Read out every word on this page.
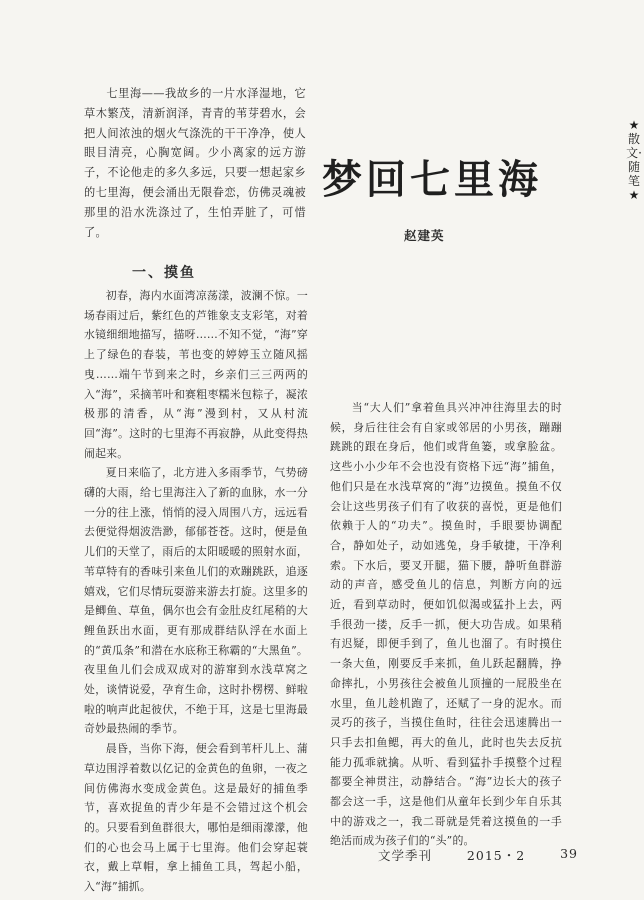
七里海——我故乡的一片水泽湿地，它草木繁茂，清新润泽，青青的苇芽碧水，会把人间浓浊的烟火气涤洗的干干净净，使人眼目清亮，心胸宽阔。少小离家的远方游子，不论他走的多久多远，只要一想起家乡的七里海，便会涌出无限眷恋，仿佛灵魂被那里的沿水洗涤过了，生怕弄脏了，可惜了。

★散文·随笔★
梦回七里海

赵建英

一、摸鱼

初春，海内水面湾凉荡漾，波澜不惊。一场春雨过后，紫红色的芦锥象支支彩笔，对着水镜细细地描写，描呀……不知不觉，“海”穿上了绿色的春装，苇也变的婷婷玉立随风摇曳……端午节到来之时，乡亲们三三两两的入“海”，采摘苇叶和赛粗枣糯米包粽子，凝浓极那的清香，从“海”漫到村，又从村流回“海”。这时的七里海不再寂静，从此变得热闹起来。

夏日来临了，北方进入多雨季节，气势磅礴的大雨，给七里海注入了新的血脉，水一分一分的往上涨，悄悄的浸入周围八方，远远看去便觉得烟波浩渺，郁郁苍苍。这时，便是鱼儿们的天堂了，雨后的太阳暖暖的照射水面，苇草特有的香味引来鱼儿们的欢蹦跳跃，追逐嬉戏，它们尽情玩耍游来游去打旋。这里多的是鲫鱼、草鱼，偶尔也会有金肚皮红尾稍的大鲤鱼跃出水面，更有那成群结队浮在水面上的“黄瓜条”和潜在水底称王称霸的“大黑鱼”。夜里鱼儿们会成双成对的游窜到水浅草窝之处，谈情说爱，孕育生命，这时扑楞楞、鲜啦啦的响声此起彼伏，不绝于耳，这是七里海最奇妙最热闹的季节。

晨昏，当你下海，便会看到苇杆儿上、蒲草边围浮着数以亿记的金黄色的鱼卵，一夜之间仿佛海水变成金黄色。这是最好的捕鱼季节，喜欢捉鱼的青少年是不会错过这个机会的。只要看到鱼群很大，哪怕是细雨濛濛，他们的心也会马上属于七里海。他们会穿起蓑衣，戴上草帽，拿上捕鱼工具，驾起小船，入“海”捕抓。

当“大人们”拿着鱼具兴冲冲往海里去的时候，身后往往会有自家或邻居的小男孩，蹦蹦跳跳的跟在身后，他们或背鱼篓，或拿脸盆。这些小小少年不会也没有资格下远“海”捕鱼，他们只是在水浅草窝的“海”边摸鱼。摸鱼不仅会让这些男孩子们有了收获的喜悦，更是他们依赖于人的“功夫”。摸鱼时，手眼要协调配合，静如处子，动如逃兔，身手敏捷，干净利索。下水后，要叉开腿，猫下腰，静听鱼群游动的声音，感受鱼儿的信息，判断方向的远近，看到草动时，便如饥似渴或猛扑上去，两手很劲一搂，反手一抓，便大功告成。如果稍有迟疑，即便手到了，鱼儿也溜了。有时摸住一条大鱼，刚要反手来抓，鱼儿跃起翻腾，挣命摔扎，小男孩往会被鱼儿顶撞的一屁股坐在水里，鱼儿趁机跑了，还赋了一身的泥水。而灵巧的孩子，当摸住鱼时，往往会迅速腾出一只手去扣鱼鳃，再大的鱼儿，此时也失去反抗能力孤乖就擒。从听、看到猛扑手摸整个过程都要全神贯注，动静结合。“海”边长大的孩子都会这一手，这是他们从童年长到少年自乐其中的游戏之一，我二哥就是凭着这摸鱼的一手绝活而成为孩子们的“头”的。

文学季刊	2015・2	39
